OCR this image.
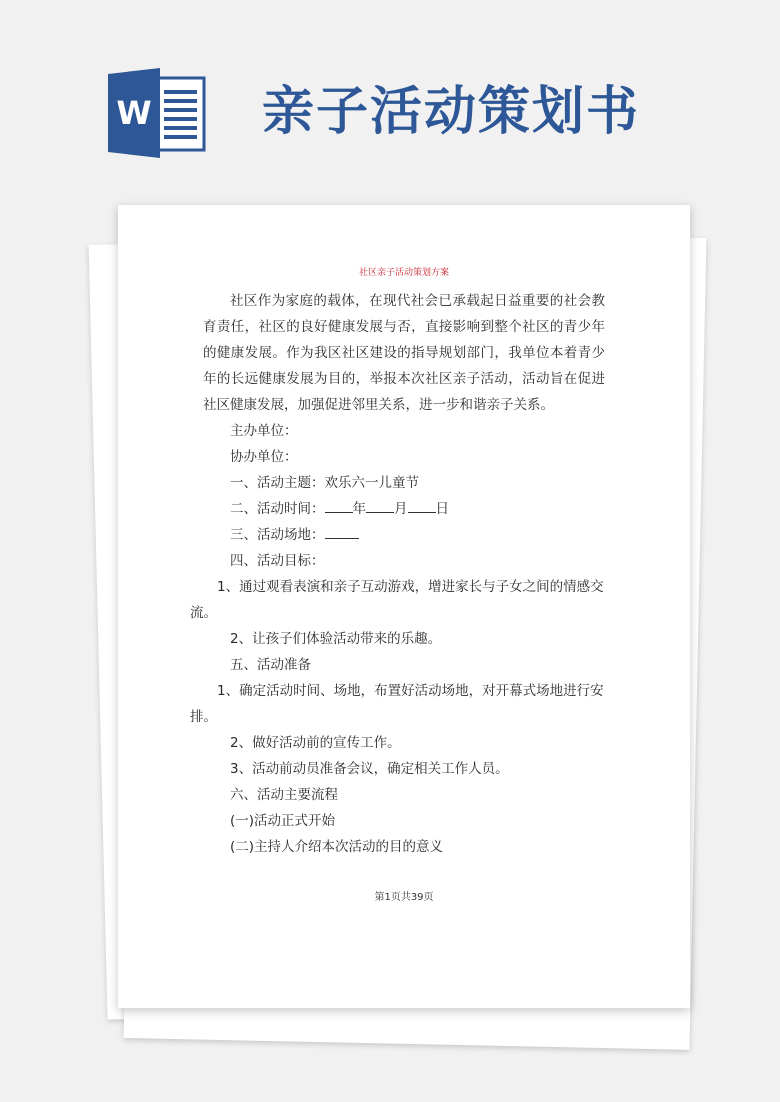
W 亲子活动策划书
社区亲子活动策划方案

社区作为家庭的载体，在现代社会已承载起日益重要的社会教育责任，社区的良好健康发展与否，直接影响到整个社区的青少年的健康发展。作为我区社区建设的指导规划部门，我单位本着青少年的长远健康发展为目的，举报本次社区亲子活动，活动旨在促进社区健康发展，加强促进邻里关系，进一步和谐亲子关系。

主办单位：

协办单位：

一、活动主题：欢乐六一儿童节

二、活动时间： 年 月 日

三、活动场地：

四、活动目标：

1、通过观看表演和亲子互动游戏，增进家长与子女之间的情感交流。

2、让孩子们体验活动带来的乐趣。

五、活动准备

1、确定活动时间、场地，布置好活动场地，对开幕式场地进行安排。

2、做好活动前的宣传工作。

3、活动前动员准备会议，确定相关工作人员。

六、活动主要流程

(一)活动正式开始

(二)主持人介绍本次活动的目的意义

第1页共39页
